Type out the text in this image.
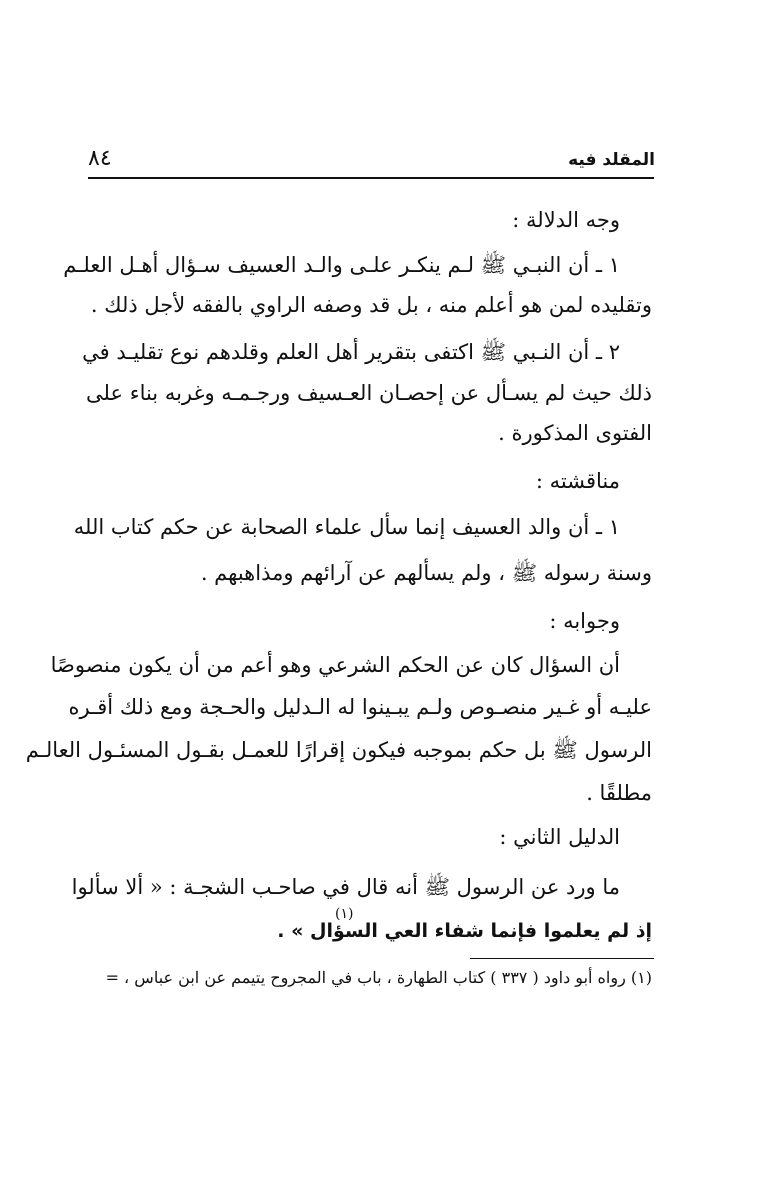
المقلد فيه
٨٤
وجه الدلالة :
١ ـ أن النبـي ﷺ لـم ينكـر علـى والـد العسيف سـؤال أهـل العلـم
وتقليده لمن هو أعلم منه ، بل قد وصفه الراوي بالفقه لأجل ذلك .
٢ ـ أن النـبي ﷺ اكتفى بتقرير أهل العلم وقلدهم نوع تقليـد في
ذلك حيث لم يسـأل عن إحصـان العـسيف ورجـمـه وغربه بناء على
الفتوى المذكورة .
مناقشته :
١ ـ أن والد العسيف إنما سأل علماء الصحابة عن حكم كتاب الله
وسنة رسوله ﷺ ، ولم يسألهم عن آرائهم ومذاهبهم .
وجوابه :
أن السؤال كان عن الحكم الشرعي وهو أعم من أن يكون منصوصًا
عليـه أو غـير منصـوص ولـم يبـينوا له الـدليل والحـجة ومع ذلك أقـره
الرسول ﷺ بل حكم بموجبه فيكون إقرارًا للعمـل بقـول المسئـول العالـم
مطلقًا .
الدليل الثاني :
ما ورد عن الرسول ﷺ أنه قال في صاحـب الشجـة : « ألا سألوا
إذ لم يعلموا فإنما شفاء العي السؤال » .
(١)
(١) رواه أبو داود ( ٣٣٧ ) كتاب الطهارة ، باب في المجروح يتيمم عن ابن عباس ، =
